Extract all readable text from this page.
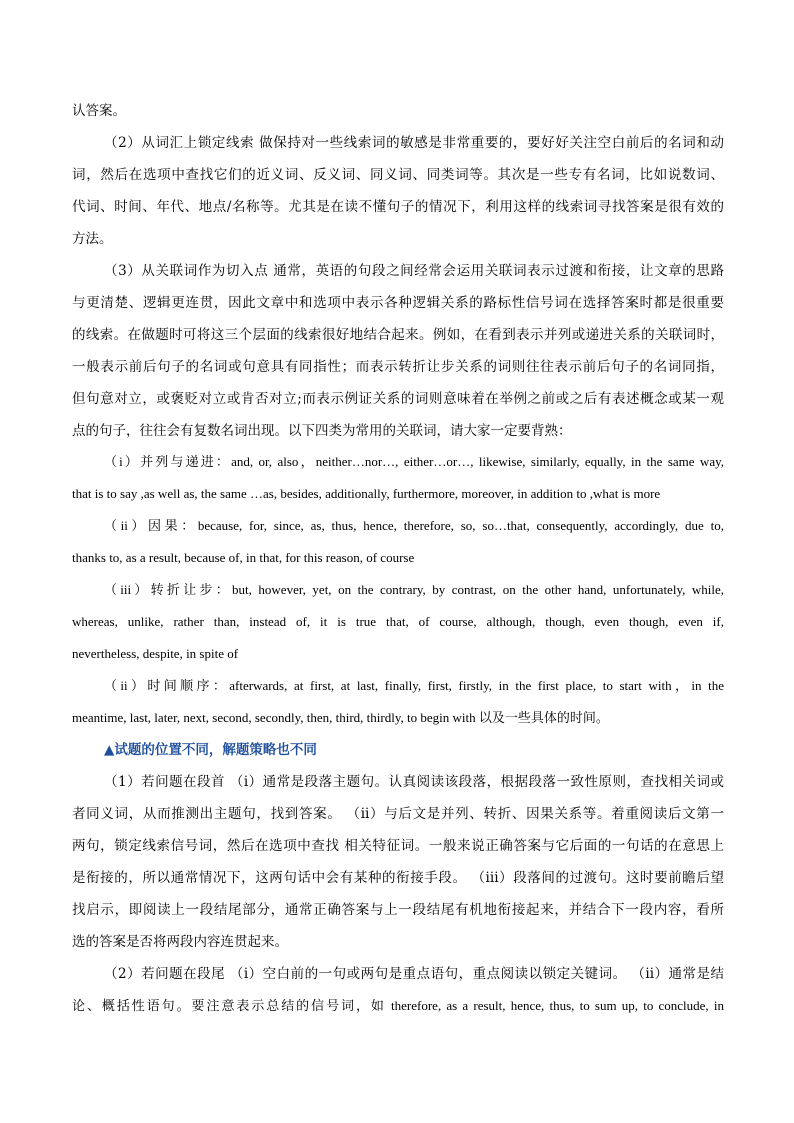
认答案。
（2）从词汇上锁定线索 做保持对一些线索词的敏感是非常重要的，要好好关注空白前后的名词和动
词，然后在选项中查找它们的近义词、反义词、同义词、同类词等。其次是一些专有名词，比如说数词、
代词、时间、年代、地点/名称等。尤其是在读不懂句子的情况下，利用这样的线索词寻找答案是很有效的
方法。
（3）从关联词作为切入点 通常，英语的句段之间经常会运用关联词表示过渡和衔接，让文章的思路
与更清楚、逻辑更连贯，因此文章中和选项中表示各种逻辑关系的路标性信号词在选择答案时都是很重要
的线索。在做题时可将这三个层面的线索很好地结合起来。例如，在看到表示并列或递进关系的关联词时，
一般表示前后句子的名词或句意具有同指性；而表示转折让步关系的词则往往表示前后句子的名词同指，
但句意对立，或褒贬对立或肯否对立;而表示例证关系的词则意味着在举例之前或之后有表述概念或某一观
点的句子，往往会有复数名词出现。以下四类为常用的关联词，请大家一定要背熟：
（i）并列与递进：and, or, also，neither…nor…, either…or…, likewise, similarly, equally, in the same way,
that is to say ,as well as, the same …as, besides, additionally, furthermore, moreover, in addition to ,what is more
（ii）因果：because, for, since, as, thus, hence, therefore, so, so…that, consequently, accordingly, due to,
thanks to, as a result, because of, in that, for this reason, of course
（iii）转折让步：but, however, yet, on the contrary, by contrast, on the other hand, unfortunately, while,
whereas, unlike, rather than, instead of, it is true that, of course, although, though, even though, even if,
nevertheless, despite, in spite of
（ii）时间顺序：afterwards, at first, at last, finally, first, firstly, in the first place, to start with，in the
meantime, last, later, next, second, secondly, then, third, thirdly, to begin with 以及一些具体的时间。
▲试题的位置不同，解题策略也不同
（1）若问题在段首 （i）通常是段落主题句。认真阅读该段落，根据段落一致性原则，查找相关词或
者同义词，从而推测出主题句，找到答案。 （ii）与后文是并列、转折、因果关系等。着重阅读后文第一
两句，锁定线索信号词，然后在选项中查找 相关特征词。一般来说正确答案与它后面的一句话的在意思上
是衔接的，所以通常情况下，这两句话中会有某种的衔接手段。 （iii）段落间的过渡句。这时要前瞻后望
找启示，即阅读上一段结尾部分，通常正确答案与上一段结尾有机地衔接起来，并结合下一段内容，看所
选的答案是否将两段内容连贯起来。
（2）若问题在段尾 （i）空白前的一句或两句是重点语句，重点阅读以锁定关键词。 （ii）通常是结
论、概括性语句。要注意表示总结的信号词，如 therefore, as a result, hence, thus, to sum up, to conclude, in
